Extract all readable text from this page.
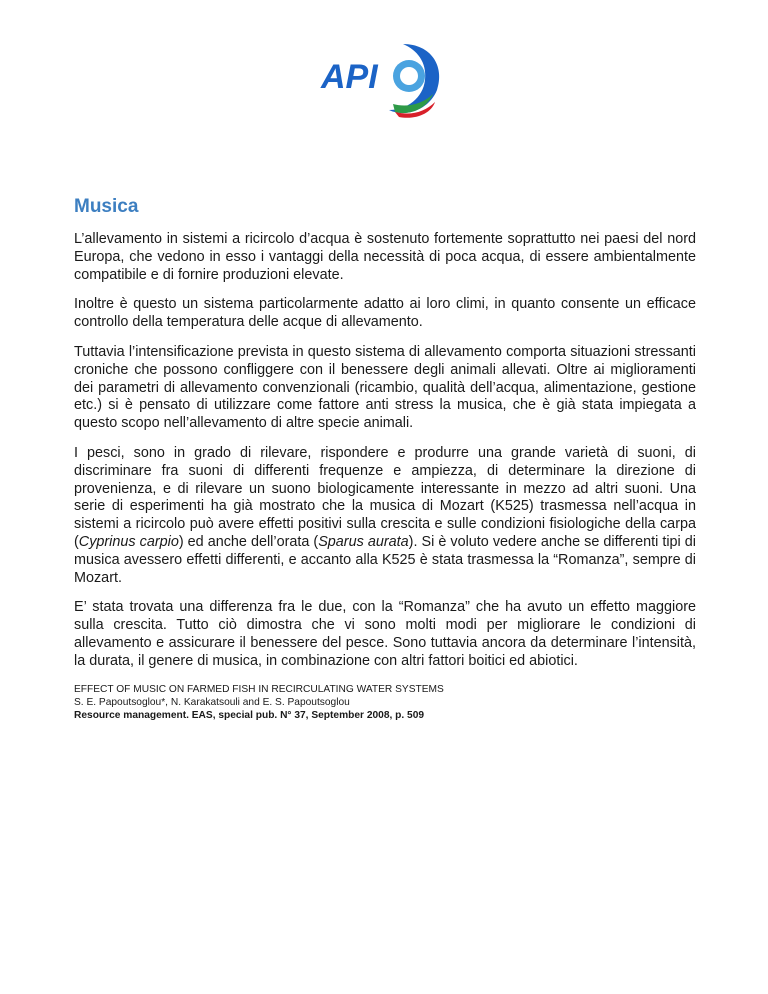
API
Musica

L’allevamento in sistemi a ricircolo d’acqua è sostenuto fortemente soprattutto nei paesi del nord Europa, che vedono in esso i vantaggi della necessità di poca acqua, di essere ambientalmente compatibile e di fornire produzioni elevate.

Inoltre è questo un sistema particolarmente adatto ai loro climi, in quanto consente un efficace controllo della temperatura delle acque di allevamento.

Tuttavia l’intensificazione prevista in questo sistema di allevamento comporta situazioni stressanti croniche che possono confliggere con il benessere degli animali allevati. Oltre ai miglioramenti dei parametri di allevamento convenzionali (ricambio, qualità dell’acqua, alimentazione, gestione etc.) si è pensato di utilizzare come fattore anti stress la musica, che è già stata impiegata a questo scopo nell’allevamento di altre specie animali.

I pesci, sono in grado di rilevare, rispondere e produrre una grande varietà di suoni, di discriminare fra suoni di differenti frequenze e ampiezza, di determinare la direzione di provenienza, e di rilevare un suono biologicamente interessante in mezzo ad altri suoni. Una serie di esperimenti ha già mostrato che la musica di Mozart (K525) trasmessa nell’acqua in sistemi a ricircolo può avere effetti positivi sulla crescita e sulle condizioni fisiologiche della carpa (Cyprinus carpio) ed anche dell’orata (Sparus aurata). Si è voluto vedere anche se differenti tipi di musica avessero effetti differenti, e accanto alla K525 è stata trasmessa la “Romanza”, sempre di Mozart.

E’ stata trovata una differenza fra le due, con la “Romanza” che ha avuto un effetto maggiore sulla crescita. Tutto ciò dimostra che vi sono molti modi per migliorare le condizioni di allevamento e assicurare il benessere del pesce. Sono tuttavia ancora da determinare l’intensità, la durata, il genere di musica, in combinazione con altri fattori boitici ed abiotici.

EFFECT OF MUSIC ON FARMED FISH IN RECIRCULATING WATER SYSTEMS
S. E. Papoutsoglou*, N. Karakatsouli and E. S. Papoutsoglou
Resource management. EAS, special pub. N° 37, September 2008, p. 509
